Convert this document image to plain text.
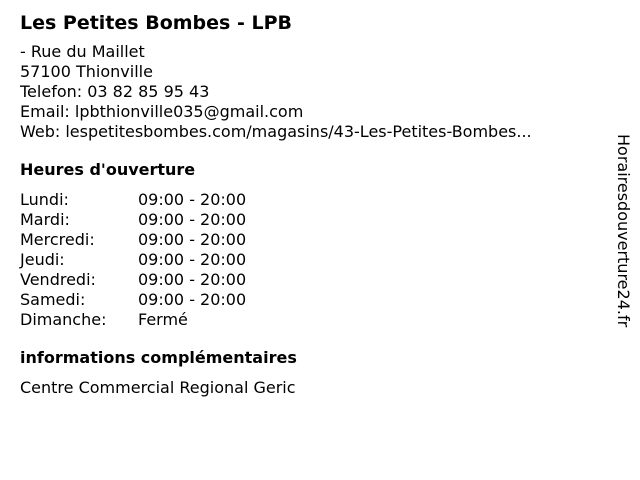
Les Petites Bombes - LPB
- Rue du Maillet
57100 Thionville
Telefon: 03 82 85 95 43
Email: lpbthionville035@gmail.com
Web: lespetitesbombes.com/magasins/43-Les-Petites-Bombes...
Heures d'ouverture
Lundi:	09:00 - 20:00
Mardi:	09:00 - 20:00
Mercredi:	09:00 - 20:00
Jeudi:	09:00 - 20:00
Vendredi:	09:00 - 20:00
Samedi:	09:00 - 20:00
Dimanche:	Fermé
informations complémentaires
Centre Commercial Regional Geric
Horairesdouverture24.fr
